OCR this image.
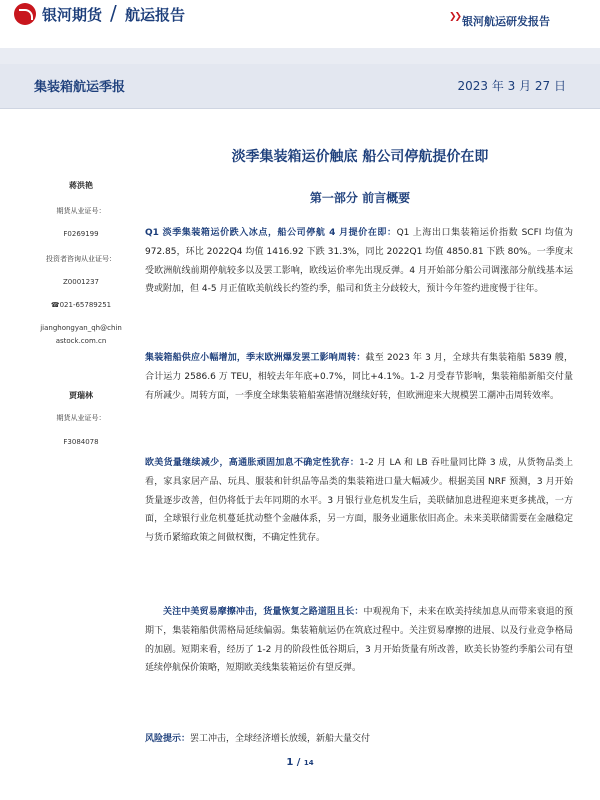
银河期货 / 航运报告	❯❯ 银河航运研发报告
集装箱航运季报	2023 年 3 月 27 日
蒋洪艳
期货从业证号：
F0269199
投资者咨询从业证号：
Z0001237
☎021-65789251
jianghongyan_qh@chin
astock.com.cn
贾瑞林
期货从业证号：
F3084078
淡季集装箱运价触底 船公司停航提价在即
第一部分 前言概要
Q1 淡季集装箱运价跌入冰点，船公司停航 4 月提价在即：Q1 上海出口集装箱运价指数 SCFI 均值为 972.85，环比 2022Q4 均值 1416.92 下跌 31.3%，同比 2022Q1 均值 4850.81 下跌 80%。一季度末受欧洲航线前期停航较多以及罢工影响，欧线运价率先出现反弹。4 月开始部分船公司调涨部分航线基本运费或附加，但 4-5 月正值欧美航线长约签约季，船司和货主分歧较大，预计今年签约进度慢于往年。
集装箱船供应小幅增加，季末欧洲爆发罢工影响周转：截至 2023 年 3 月，全球共有集装箱船 5839 艘，合计运力 2586.6 万 TEU，相较去年年底+0.7%，同比+4.1%。1-2 月受春节影响，集装箱船新船交付量有所减少。周转方面，一季度全球集装箱船塞港情况继续好转，但欧洲迎来大规模罢工潮冲击周转效率。
欧美货量继续减少，高通胀顽固加息不确定性犹存：1-2 月 LA 和 LB 吞吐量同比降 3 成，从货物品类上看，家具家居产品、玩具、服装和针织品等品类的集装箱进口量大幅减少。根据美国 NRF 预测，3 月开始货量逐步改善，但仍将低于去年同期的水平。3 月银行业危机发生后，美联储加息进程迎来更多挑战，一方面，全球银行业危机蔓延扰动整个金融体系，另一方面，服务业通胀依旧高企。未来美联储需要在金融稳定与货币紧缩政策之间做权衡，不确定性犹存。
关注中美贸易摩擦冲击，货量恢复之路道阻且长：中观视角下，未来在欧美持续加息从而带来衰退的预期下，集装箱船供需格局延续偏弱。集装箱航运仍在筑底过程中。关注贸易摩擦的进展、以及行业竞争格局的加剧。短期来看，经历了 1-2 月的阶段性低谷期后，3 月开始货量有所改善，欧美长协签约季船公司有望延续停航保价策略，短期欧美线集装箱运价有望反弹。
风险提示：罢工冲击，全球经济增长放缓，新船大量交付
1 / 14
